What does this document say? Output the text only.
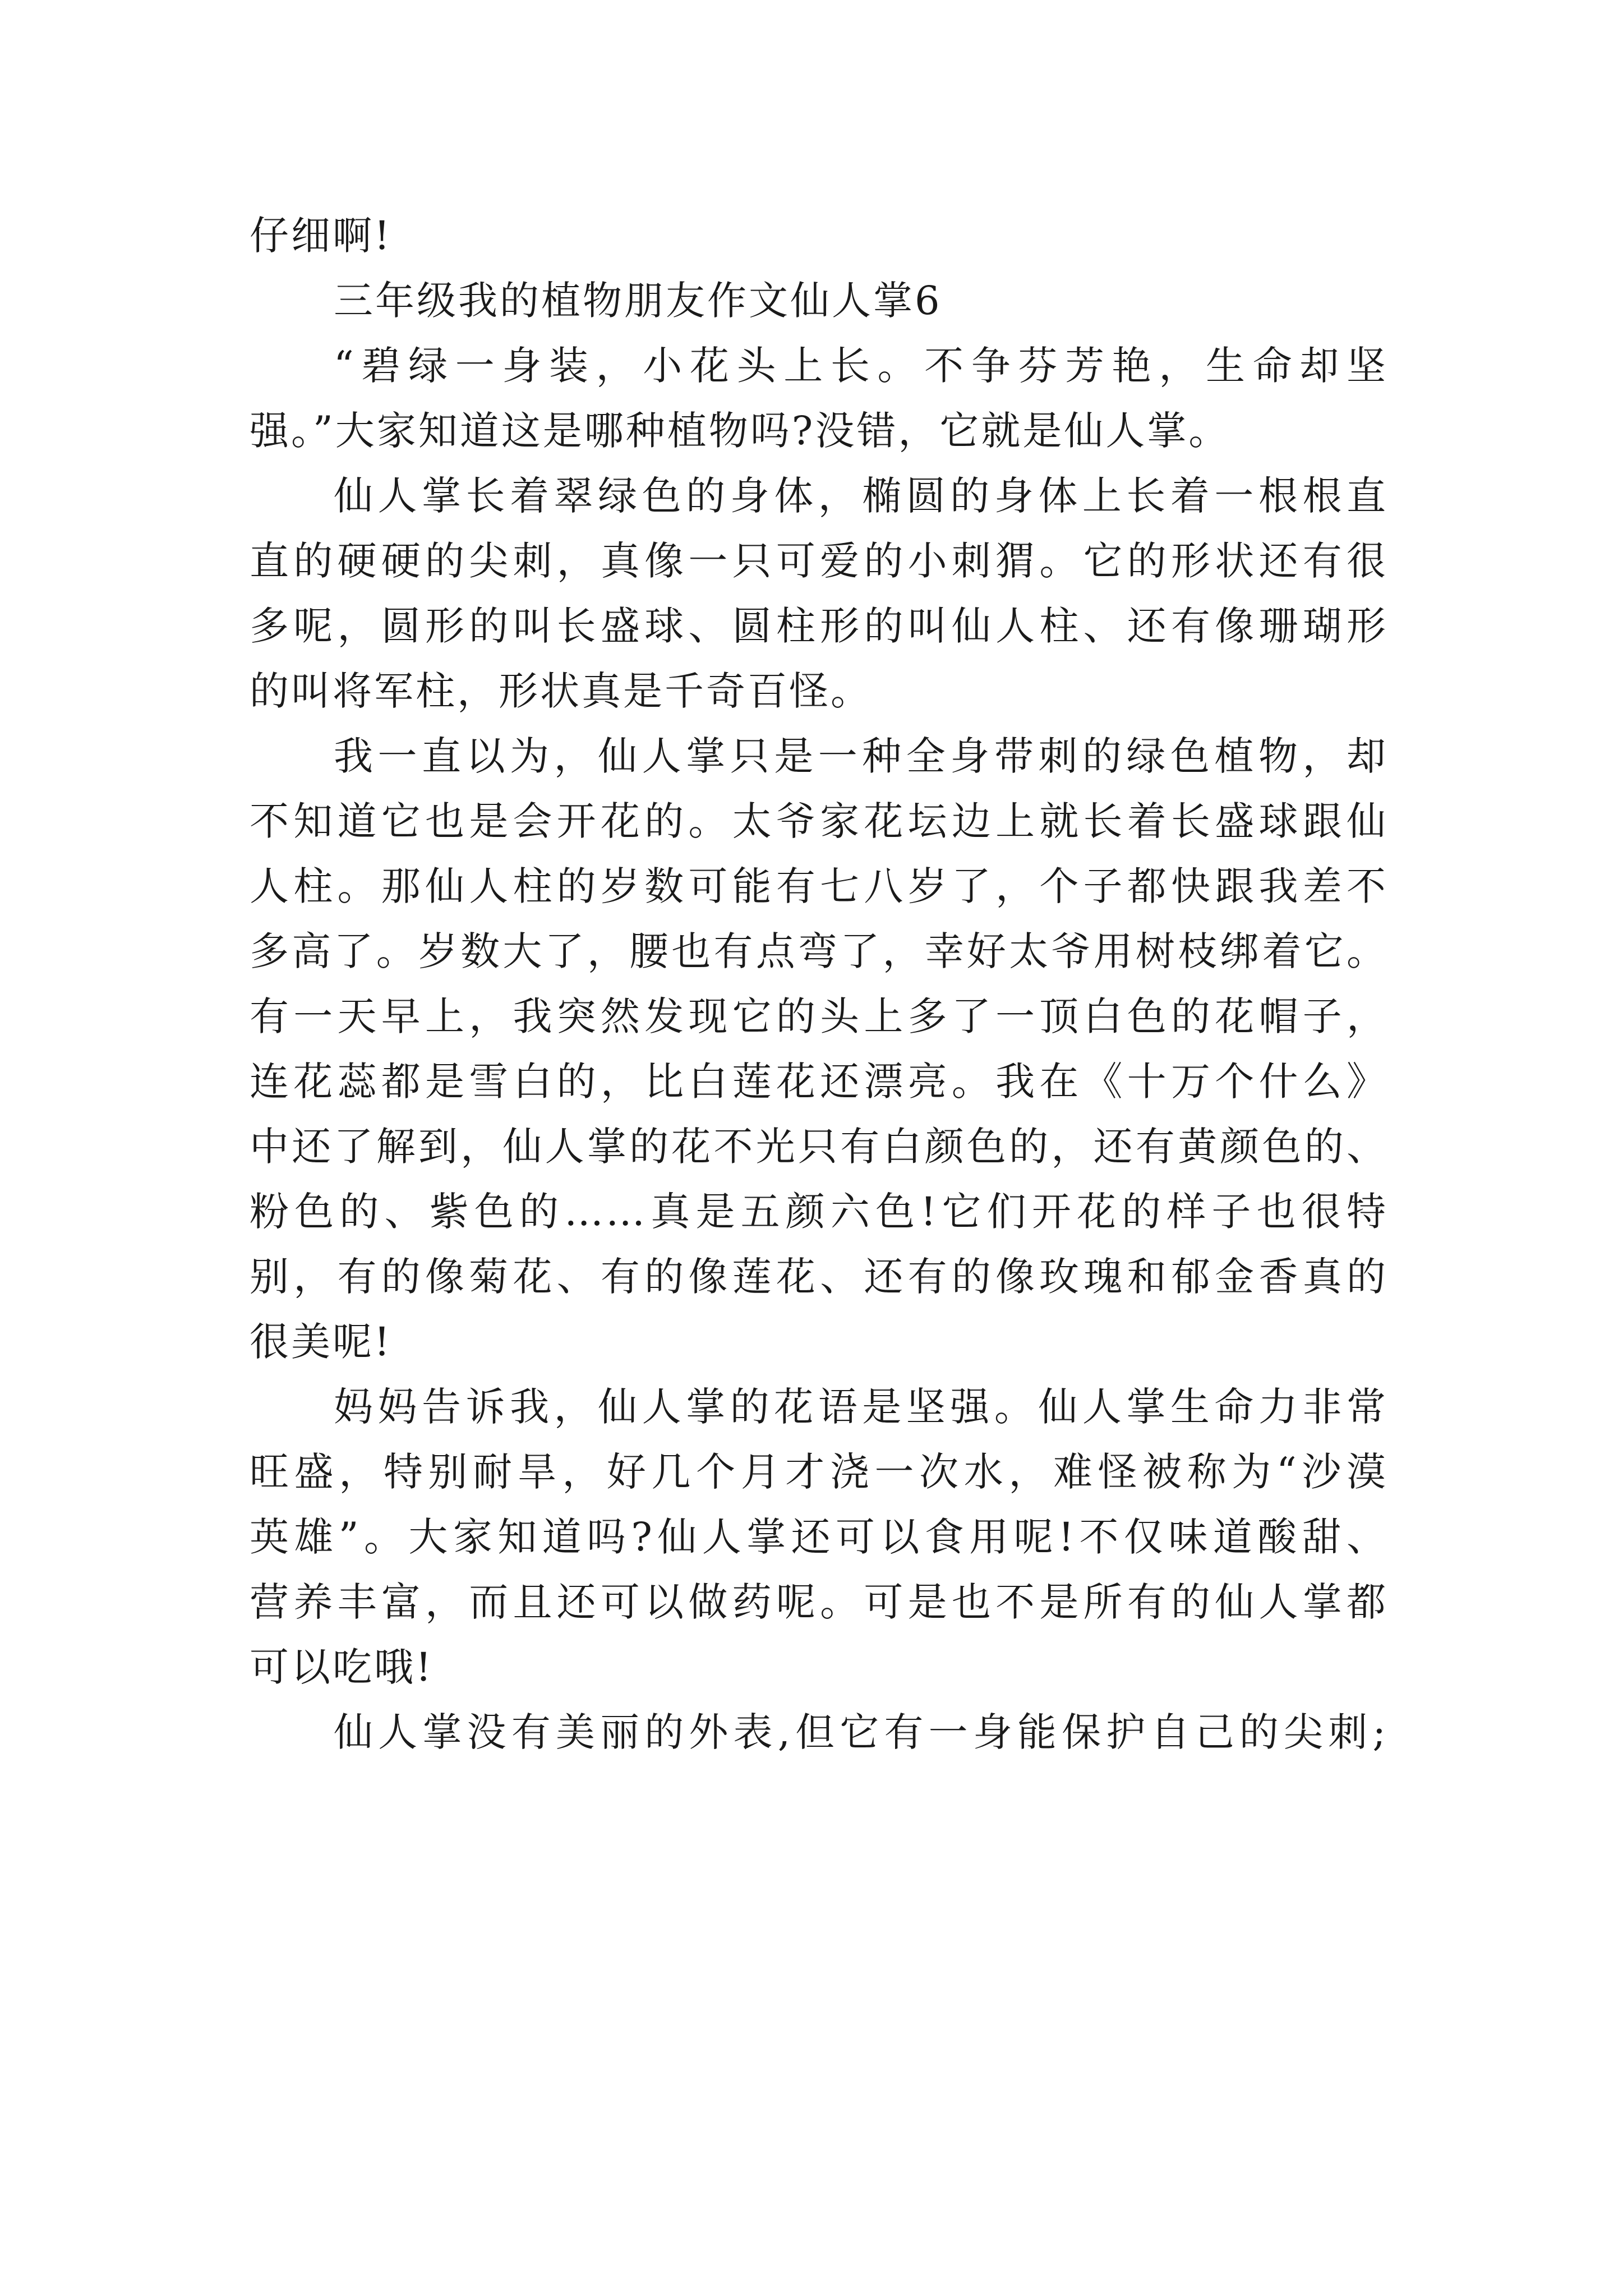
仔细啊!
三年级我的植物朋友作文仙人掌6
“碧绿一身装，小花头上长。不争芬芳艳，生命却坚
强。”大家知道这是哪种植物吗?没错，它就是仙人掌。
仙人掌长着翠绿色的身体，椭圆的身体上长着一根根直
直的硬硬的尖刺，真像一只可爱的小刺猬。它的形状还有很
多呢，圆形的叫长盛球、圆柱形的叫仙人柱、还有像珊瑚形
的叫将军柱，形状真是千奇百怪。
我一直以为，仙人掌只是一种全身带刺的绿色植物，却
不知道它也是会开花的。太爷家花坛边上就长着长盛球跟仙
人柱。那仙人柱的岁数可能有七八岁了，个子都快跟我差不
多高了。岁数大了，腰也有点弯了，幸好太爷用树枝绑着它。
有一天早上，我突然发现它的头上多了一顶白色的花帽子，
连花蕊都是雪白的，比白莲花还漂亮。我在《十万个什么》
中还了解到，仙人掌的花不光只有白颜色的，还有黄颜色的、
粉色的、紫色的……真是五颜六色!它们开花的样子也很特
别，有的像菊花、有的像莲花、还有的像玫瑰和郁金香真的
很美呢!
妈妈告诉我，仙人掌的花语是坚强。仙人掌生命力非常
旺盛，特别耐旱，好几个月才浇一次水，难怪被称为“沙漠
英雄”。大家知道吗?仙人掌还可以食用呢!不仅味道酸甜、
营养丰富，而且还可以做药呢。可是也不是所有的仙人掌都
可以吃哦!
仙人掌没有美丽的外表,但它有一身能保护自己的尖刺;
